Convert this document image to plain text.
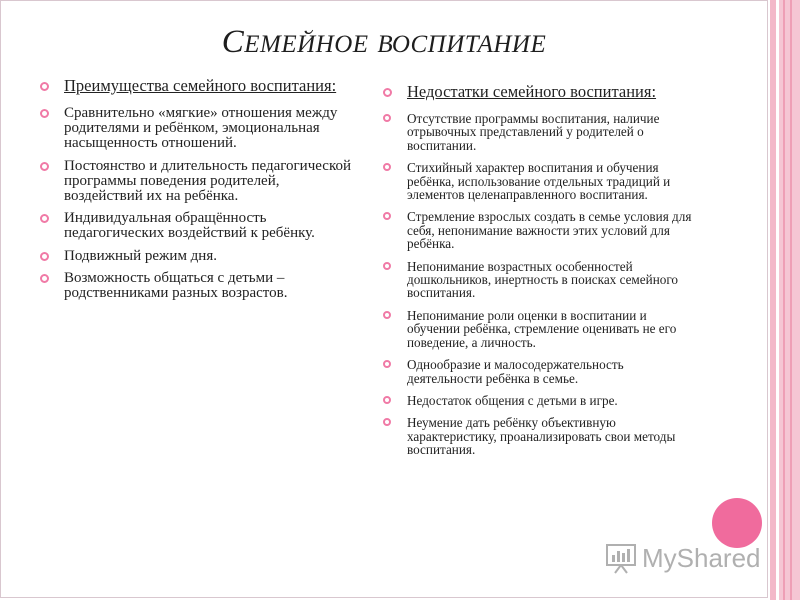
СЕМЕЙНОЕ ВОСПИТАНИЕ
Преимущества семейного воспитания:
Сравнительно «мягкие» отношения между родителями и ребёнком, эмоциональная насыщенность отношений.
Постоянство и длительность педагогической программы поведения родителей, воздействий их на ребёнка.
Индивидуальная обращённость педагогических воздействий к ребёнку.
Подвижный режим дня.
Возможность общаться с детьми – родственниками разных возрастов.
Недостатки семейного воспитания:
Отсутствие программы воспитания, наличие отрывочных представлений у родителей о воспитании.
Стихийный характер воспитания и обучения ребёнка, использование отдельных традиций и элементов целенаправленного воспитания.
Стремление взрослых создать в семье условия для себя, непонимание важности этих условий для ребёнка.
Непонимание возрастных особенностей дошкольников, инертность в поисках семейного воспитания.
Непонимание роли оценки в воспитании и обучении ребёнка, стремление оценивать не его поведение, а личность.
Однообразие и малосодержательность деятельности ребёнка в семье.
Недостаток общения с детьми в игре.
Неумение дать ребёнку объективную характеристику, проанализировать свои методы воспитания.
MyShared
